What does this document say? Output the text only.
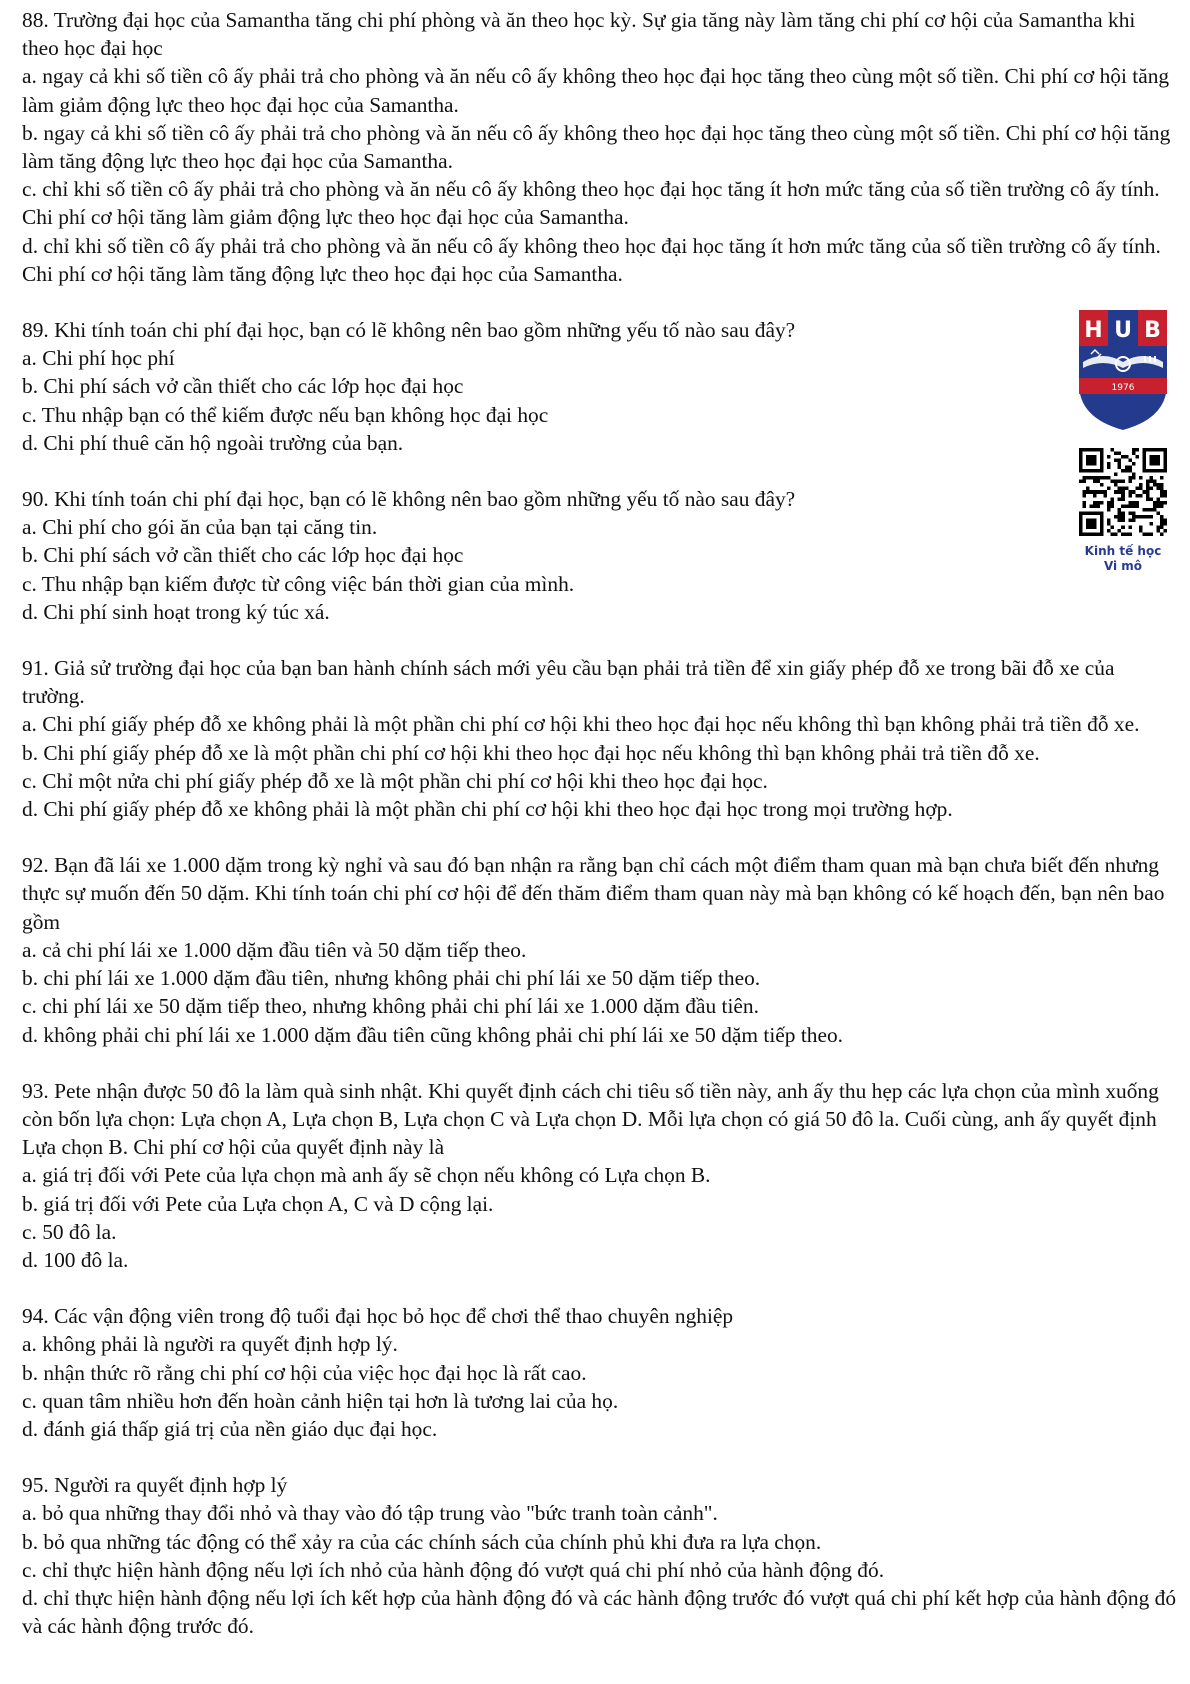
88. Trường đại học của Samantha tăng chi phí phòng và ăn theo học kỳ. Sự gia tăng này làm tăng chi phí cơ hội của Samantha khi theo học đại học

a. ngay cả khi số tiền cô ấy phải trả cho phòng và ăn nếu cô ấy không theo học đại học tăng theo cùng một số tiền. Chi phí cơ hội tăng làm giảm động lực theo học đại học của Samantha.

b. ngay cả khi số tiền cô ấy phải trả cho phòng và ăn nếu cô ấy không theo học đại học tăng theo cùng một số tiền. Chi phí cơ hội tăng làm tăng động lực theo học đại học của Samantha.

c. chỉ khi số tiền cô ấy phải trả cho phòng và ăn nếu cô ấy không theo học đại học tăng ít hơn mức tăng của số tiền trường cô ấy tính. Chi phí cơ hội tăng làm giảm động lực theo học đại học của Samantha.

d. chỉ khi số tiền cô ấy phải trả cho phòng và ăn nếu cô ấy không theo học đại học tăng ít hơn mức tăng của số tiền trường cô ấy tính. Chi phí cơ hội tăng làm tăng động lực theo học đại học của Samantha.

89. Khi tính toán chi phí đại học, bạn có lẽ không nên bao gồm những yếu tố nào sau đây?

a. Chi phí học phí

b. Chi phí sách vở cần thiết cho các lớp học đại học

c. Thu nhập bạn có thể kiếm được nếu bạn không học đại học

d. Chi phí thuê căn hộ ngoài trường của bạn.

90. Khi tính toán chi phí đại học, bạn có lẽ không nên bao gồm những yếu tố nào sau đây?

a. Chi phí cho gói ăn của bạn tại căng tin.

b. Chi phí sách vở cần thiết cho các lớp học đại học

c. Thu nhập bạn kiếm được từ công việc bán thời gian của mình.

d. Chi phí sinh hoạt trong ký túc xá.

91. Giả sử trường đại học của bạn ban hành chính sách mới yêu cầu bạn phải trả tiền để xin giấy phép đỗ xe trong bãi đỗ xe của trường.

a. Chi phí giấy phép đỗ xe không phải là một phần chi phí cơ hội khi theo học đại học nếu không thì bạn không phải trả tiền đỗ xe.

b. Chi phí giấy phép đỗ xe là một phần chi phí cơ hội khi theo học đại học nếu không thì bạn không phải trả tiền đỗ xe.

c. Chỉ một nửa chi phí giấy phép đỗ xe là một phần chi phí cơ hội khi theo học đại học.

d. Chi phí giấy phép đỗ xe không phải là một phần chi phí cơ hội khi theo học đại học trong mọi trường hợp.

92. Bạn đã lái xe 1.000 dặm trong kỳ nghỉ và sau đó bạn nhận ra rằng bạn chỉ cách một điểm tham quan mà bạn chưa biết đến nhưng thực sự muốn đến 50 dặm. Khi tính toán chi phí cơ hội để đến thăm điểm tham quan này mà bạn không có kế hoạch đến, bạn nên bao gồm

a. cả chi phí lái xe 1.000 dặm đầu tiên và 50 dặm tiếp theo.

b. chi phí lái xe 1.000 dặm đầu tiên, nhưng không phải chi phí lái xe 50 dặm tiếp theo.

c. chi phí lái xe 50 dặm tiếp theo, nhưng không phải chi phí lái xe 1.000 dặm đầu tiên.

d. không phải chi phí lái xe 1.000 dặm đầu tiên cũng không phải chi phí lái xe 50 dặm tiếp theo.

93. Pete nhận được 50 đô la làm quà sinh nhật. Khi quyết định cách chi tiêu số tiền này, anh ấy thu hẹp các lựa chọn của mình xuống còn bốn lựa chọn: Lựa chọn A, Lựa chọn B, Lựa chọn C và Lựa chọn D. Mỗi lựa chọn có giá 50 đô la. Cuối cùng, anh ấy quyết định Lựa chọn B. Chi phí cơ hội của quyết định này là

a. giá trị đối với Pete của lựa chọn mà anh ấy sẽ chọn nếu không có Lựa chọn B.

b. giá trị đối với Pete của Lựa chọn A, C và D cộng lại.

c. 50 đô la.

d. 100 đô la.

94. Các vận động viên trong độ tuổi đại học bỏ học để chơi thể thao chuyên nghiệp

a. không phải là người ra quyết định hợp lý.

b. nhận thức rõ rằng chi phí cơ hội của việc học đại học là rất cao.

c. quan tâm nhiều hơn đến hoàn cảnh hiện tại hơn là tương lai của họ.

d. đánh giá thấp giá trị của nền giáo dục đại học.

95. Người ra quyết định hợp lý

a. bỏ qua những thay đổi nhỏ và thay vào đó tập trung vào "bức tranh toàn cảnh".

b. bỏ qua những tác động có thể xảy ra của các chính sách của chính phủ khi đưa ra lựa chọn.

c. chỉ thực hiện hành động nếu lợi ích nhỏ của hành động đó vượt quá chi phí nhỏ của hành động đó.

d. chỉ thực hiện hành động nếu lợi ích kết hợp của hành động đó và các hành động trước đó vượt quá chi phí kết hợp của hành động đó và các hành động trước đó.

H U B
1976
Kinh tế học
Vi mô
